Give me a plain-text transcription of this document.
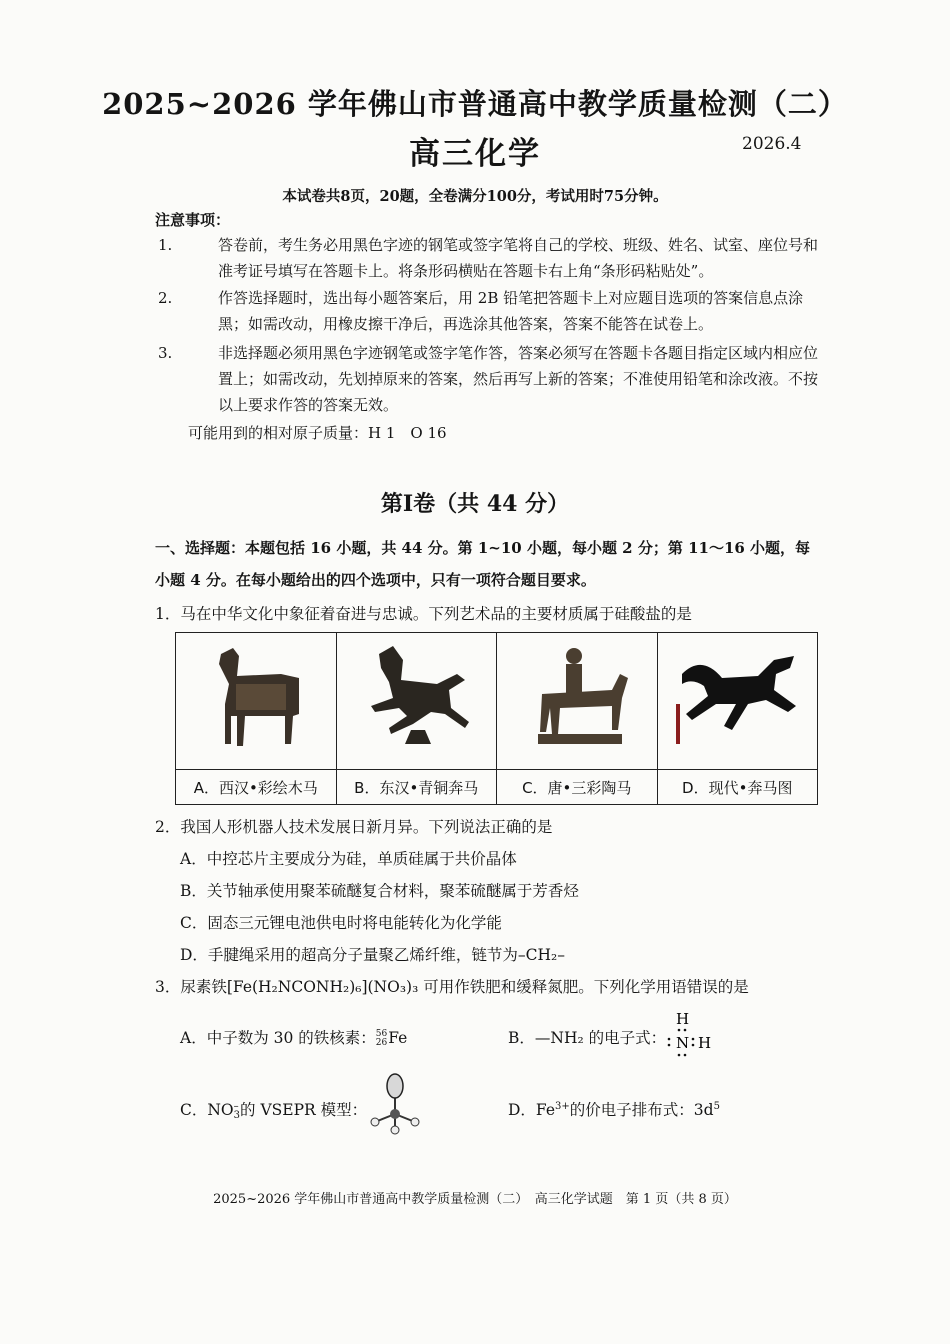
2025~2026 学年佛山市普通高中教学质量检测（二）
高三化学	2026.4
本试卷共8页，20题，全卷满分100分，考试用时75分钟。
注意事项：
1.	答卷前，考生务必用黑色字迹的钢笔或签字笔将自己的学校、班级、姓名、试室、座位号和准考证号填写在答题卡上。将条形码横贴在答题卡右上角“条形码粘贴处”。
2.	作答选择题时，选出每小题答案后，用 2B 铅笔把答题卡上对应题目选项的答案信息点涂黑；如需改动，用橡皮擦干净后，再选涂其他答案，答案不能答在试卷上。
3.	非选择题必须用黑色字迹钢笔或签字笔作答，答案必须写在答题卡各题目指定区域内相应位置上；如需改动，先划掉原来的答案，然后再写上新的答案；不准使用铅笔和涂改液。不按以上要求作答的答案无效。
可能用到的相对原子质量：H 1　O 16
第Ⅰ卷（共 44 分）
一、选择题：本题包括 16 小题，共 44 分。第 1~10 小题，每小题 2 分；第 11～16 小题，每小题 4 分。在每小题给出的四个选项中，只有一项符合题目要求。
1．马在中华文化中象征着奋进与忠诚。下列艺术品的主要材质属于硅酸盐的是

A．西汉•彩绘木马	B．东汉•青铜奔马	C．唐•三彩陶马	D．现代•奔马图
2．我国人形机器人技术发展日新月异。下列说法正确的是
A．中控芯片主要成分为硅，单质硅属于共价晶体
B．关节轴承使用聚苯硫醚复合材料，聚苯硫醚属于芳香烃
C．固态三元锂电池供电时将电能转化为化学能
D．手腱绳采用的超高分子量聚乙烯纤维，链节为–CH₂–
3．尿素铁[Fe(H₂NCONH₂)₆](NO₃)₃ 可用作铁肥和缓释氮肥。下列化学用语错误的是
A．中子数为 30 的铁核素：56
26Fe	B．—NH₂ 的电子式：
H
N H
C．NO–
3的 VSEPR 模型：	D．$Fe^{3+}$的价电子排布式：$3d^5$
2025~2026 学年佛山市普通高中教学质量检测（二）　高三化学试题　第 1 页（共 8 页）
